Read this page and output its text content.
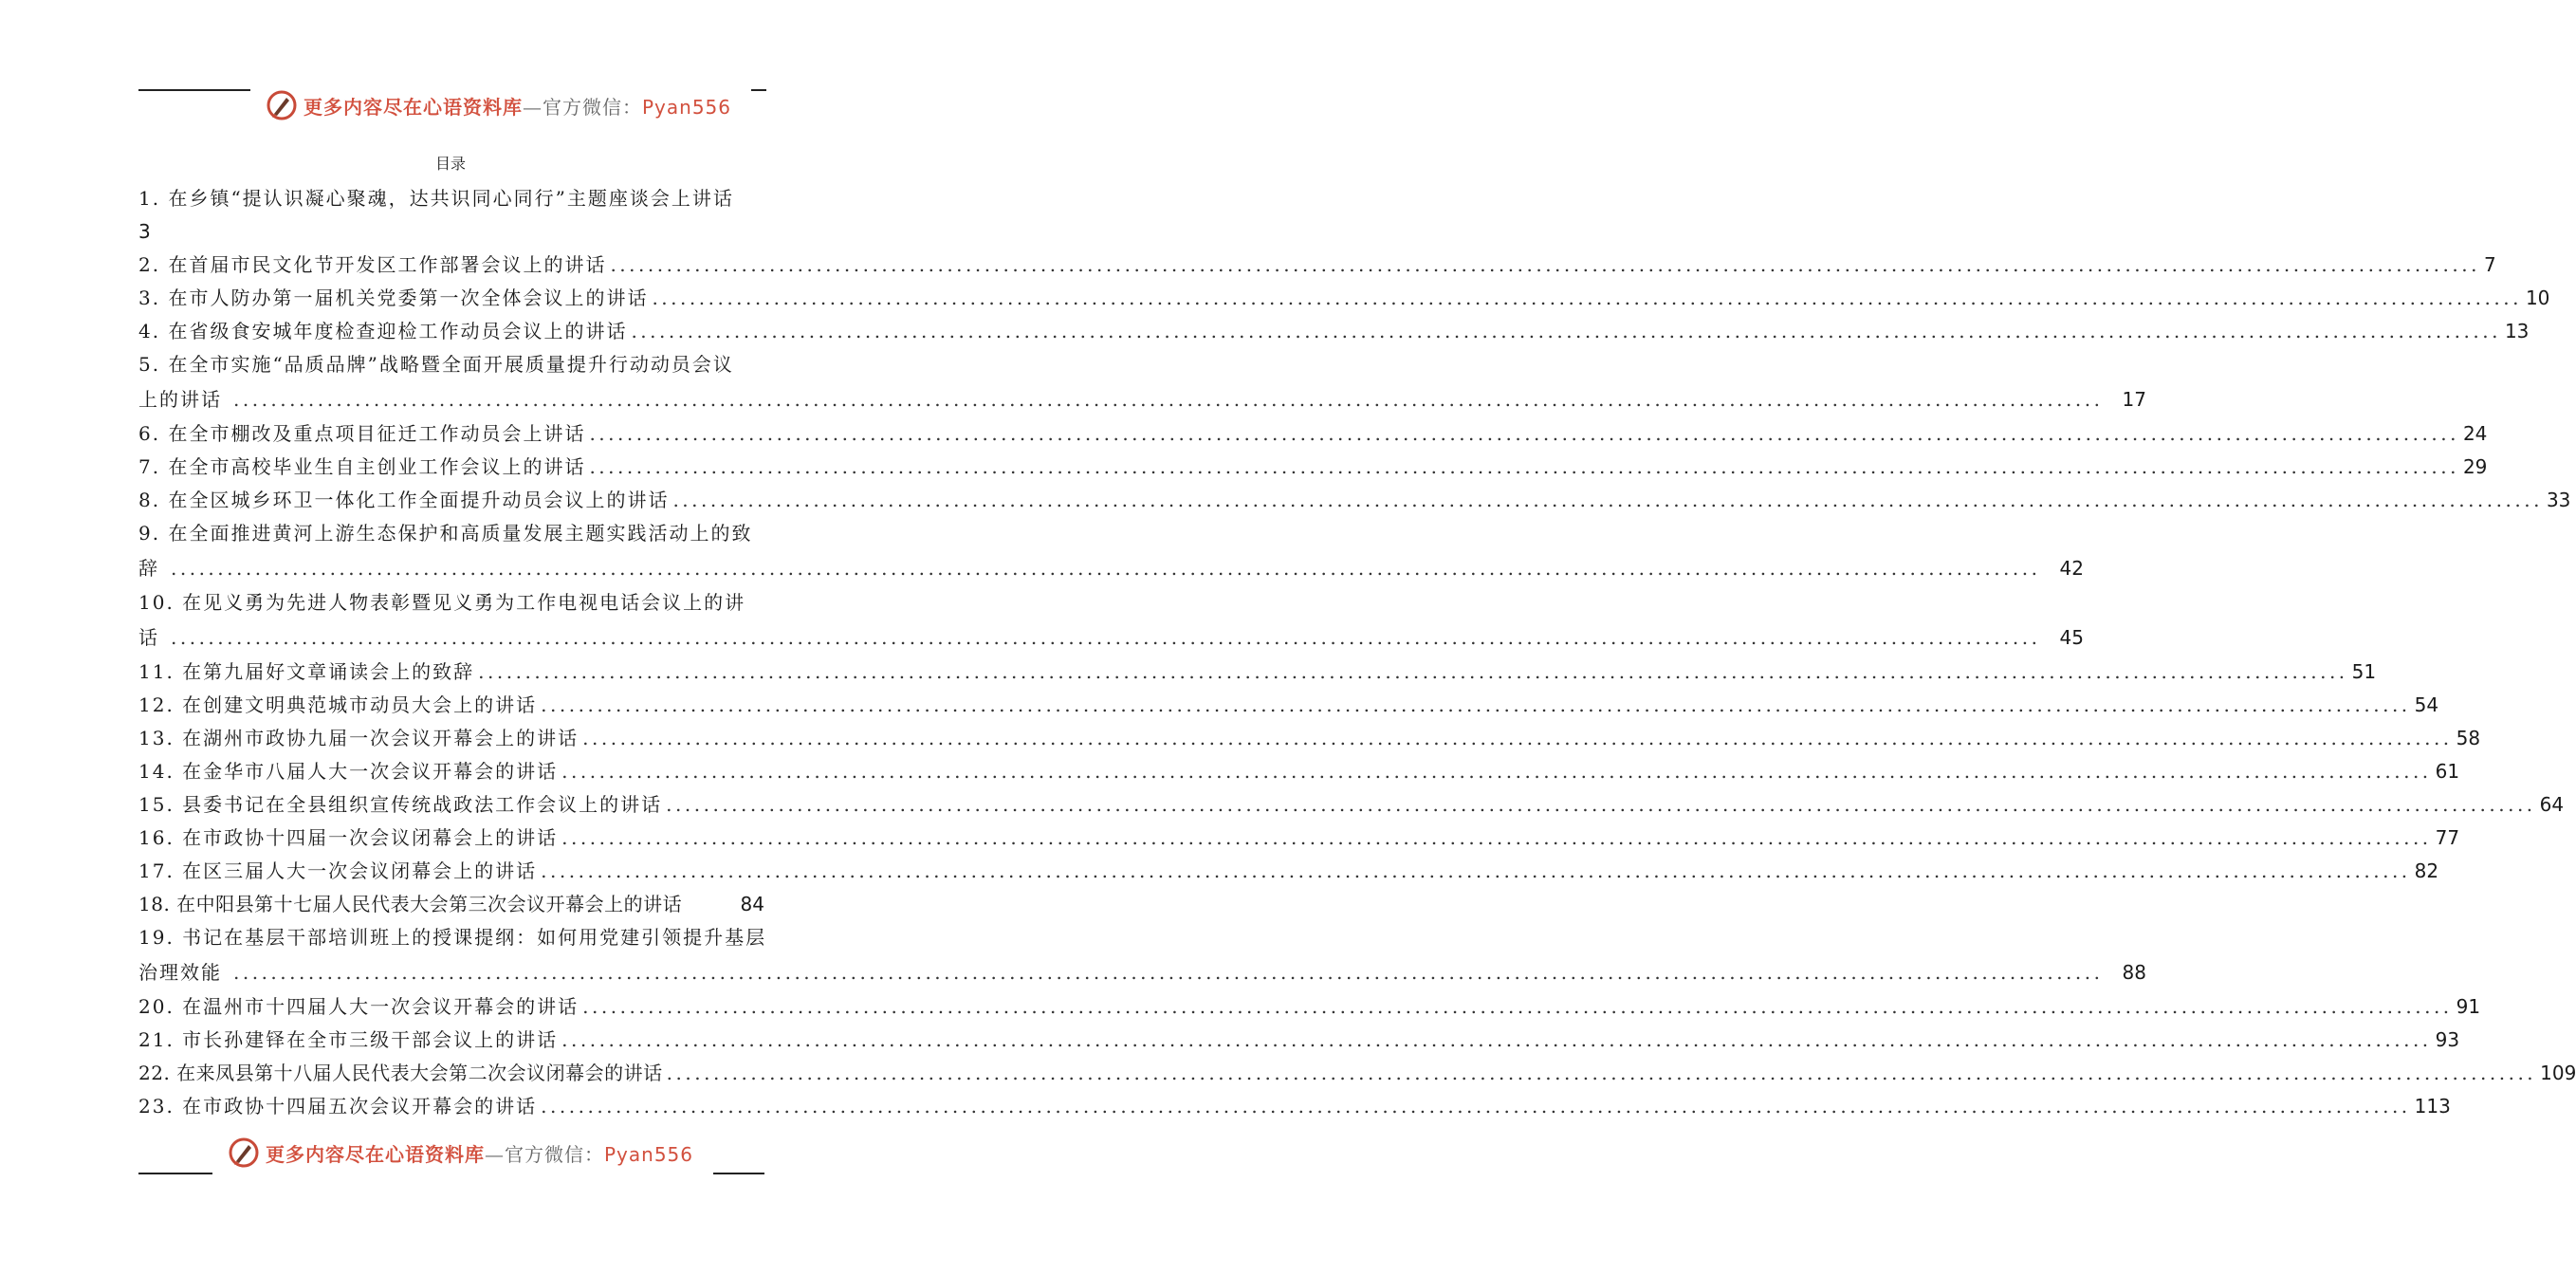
更多内容尽在心语资料库—官方微信：Pyan556
目录
1. 在乡镇“提认识凝心聚魂，达共识同心同行”主题座谈会上讲话
3
2. 在首届市民文化节开发区工作部署会议上的讲话 ........................................................................................................................................................................................................ 7
3. 在市人防办第一届机关党委第一次全体会议上的讲话 ........................................................................................................................................................................................................ 10
4. 在省级食安城年度检查迎检工作动员会议上的讲话 ........................................................................................................................................................................................................ 13
5. 在全市实施“品质品牌”战略暨全面开展质量提升行动动员会议
上的讲话 ........................................................................................................................................................................................................ 17
6. 在全市棚改及重点项目征迁工作动员会上讲话 ........................................................................................................................................................................................................ 24
7. 在全市高校毕业生自主创业工作会议上的讲话 ........................................................................................................................................................................................................ 29
8. 在全区城乡环卫一体化工作全面提升动员会议上的讲话 ........................................................................................................................................................................................................ 33
9. 在全面推进黄河上游生态保护和高质量发展主题实践活动上的致
辞 ........................................................................................................................................................................................................ 42
10. 在见义勇为先进人物表彰暨见义勇为工作电视电话会议上的讲
话 ........................................................................................................................................................................................................ 45
11. 在第九届好文章诵读会上的致辞 ........................................................................................................................................................................................................ 51
12. 在创建文明典范城市动员大会上的讲话 ........................................................................................................................................................................................................ 54
13. 在湖州市政协九届一次会议开幕会上的讲话 ........................................................................................................................................................................................................ 58
14. 在金华市八届人大一次会议开幕会的讲话 ........................................................................................................................................................................................................ 61
15. 县委书记在全县组织宣传统战政法工作会议上的讲话 ........................................................................................................................................................................................................ 64
16. 在市政协十四届一次会议闭幕会上的讲话 ........................................................................................................................................................................................................ 77
17. 在区三届人大一次会议闭幕会上的讲话 ........................................................................................................................................................................................................ 82
18. 在中阳县第十七届人民代表大会第三次会议开幕会上的讲话	84
19. 书记在基层干部培训班上的授课提纲：如何用党建引领提升基层
治理效能 ........................................................................................................................................................................................................ 88
20. 在温州市十四届人大一次会议开幕会的讲话 ........................................................................................................................................................................................................ 91
21. 市长孙建铎在全市三级干部会议上的讲话 ........................................................................................................................................................................................................ 93
22. 在来凤县第十八届人民代表大会第二次会议闭幕会的讲话 ........................................................................................................................................................................................................ 109
23. 在市政协十四届五次会议开幕会的讲话 ........................................................................................................................................................................................................ 113
更多内容尽在心语资料库—官方微信：Pyan556
